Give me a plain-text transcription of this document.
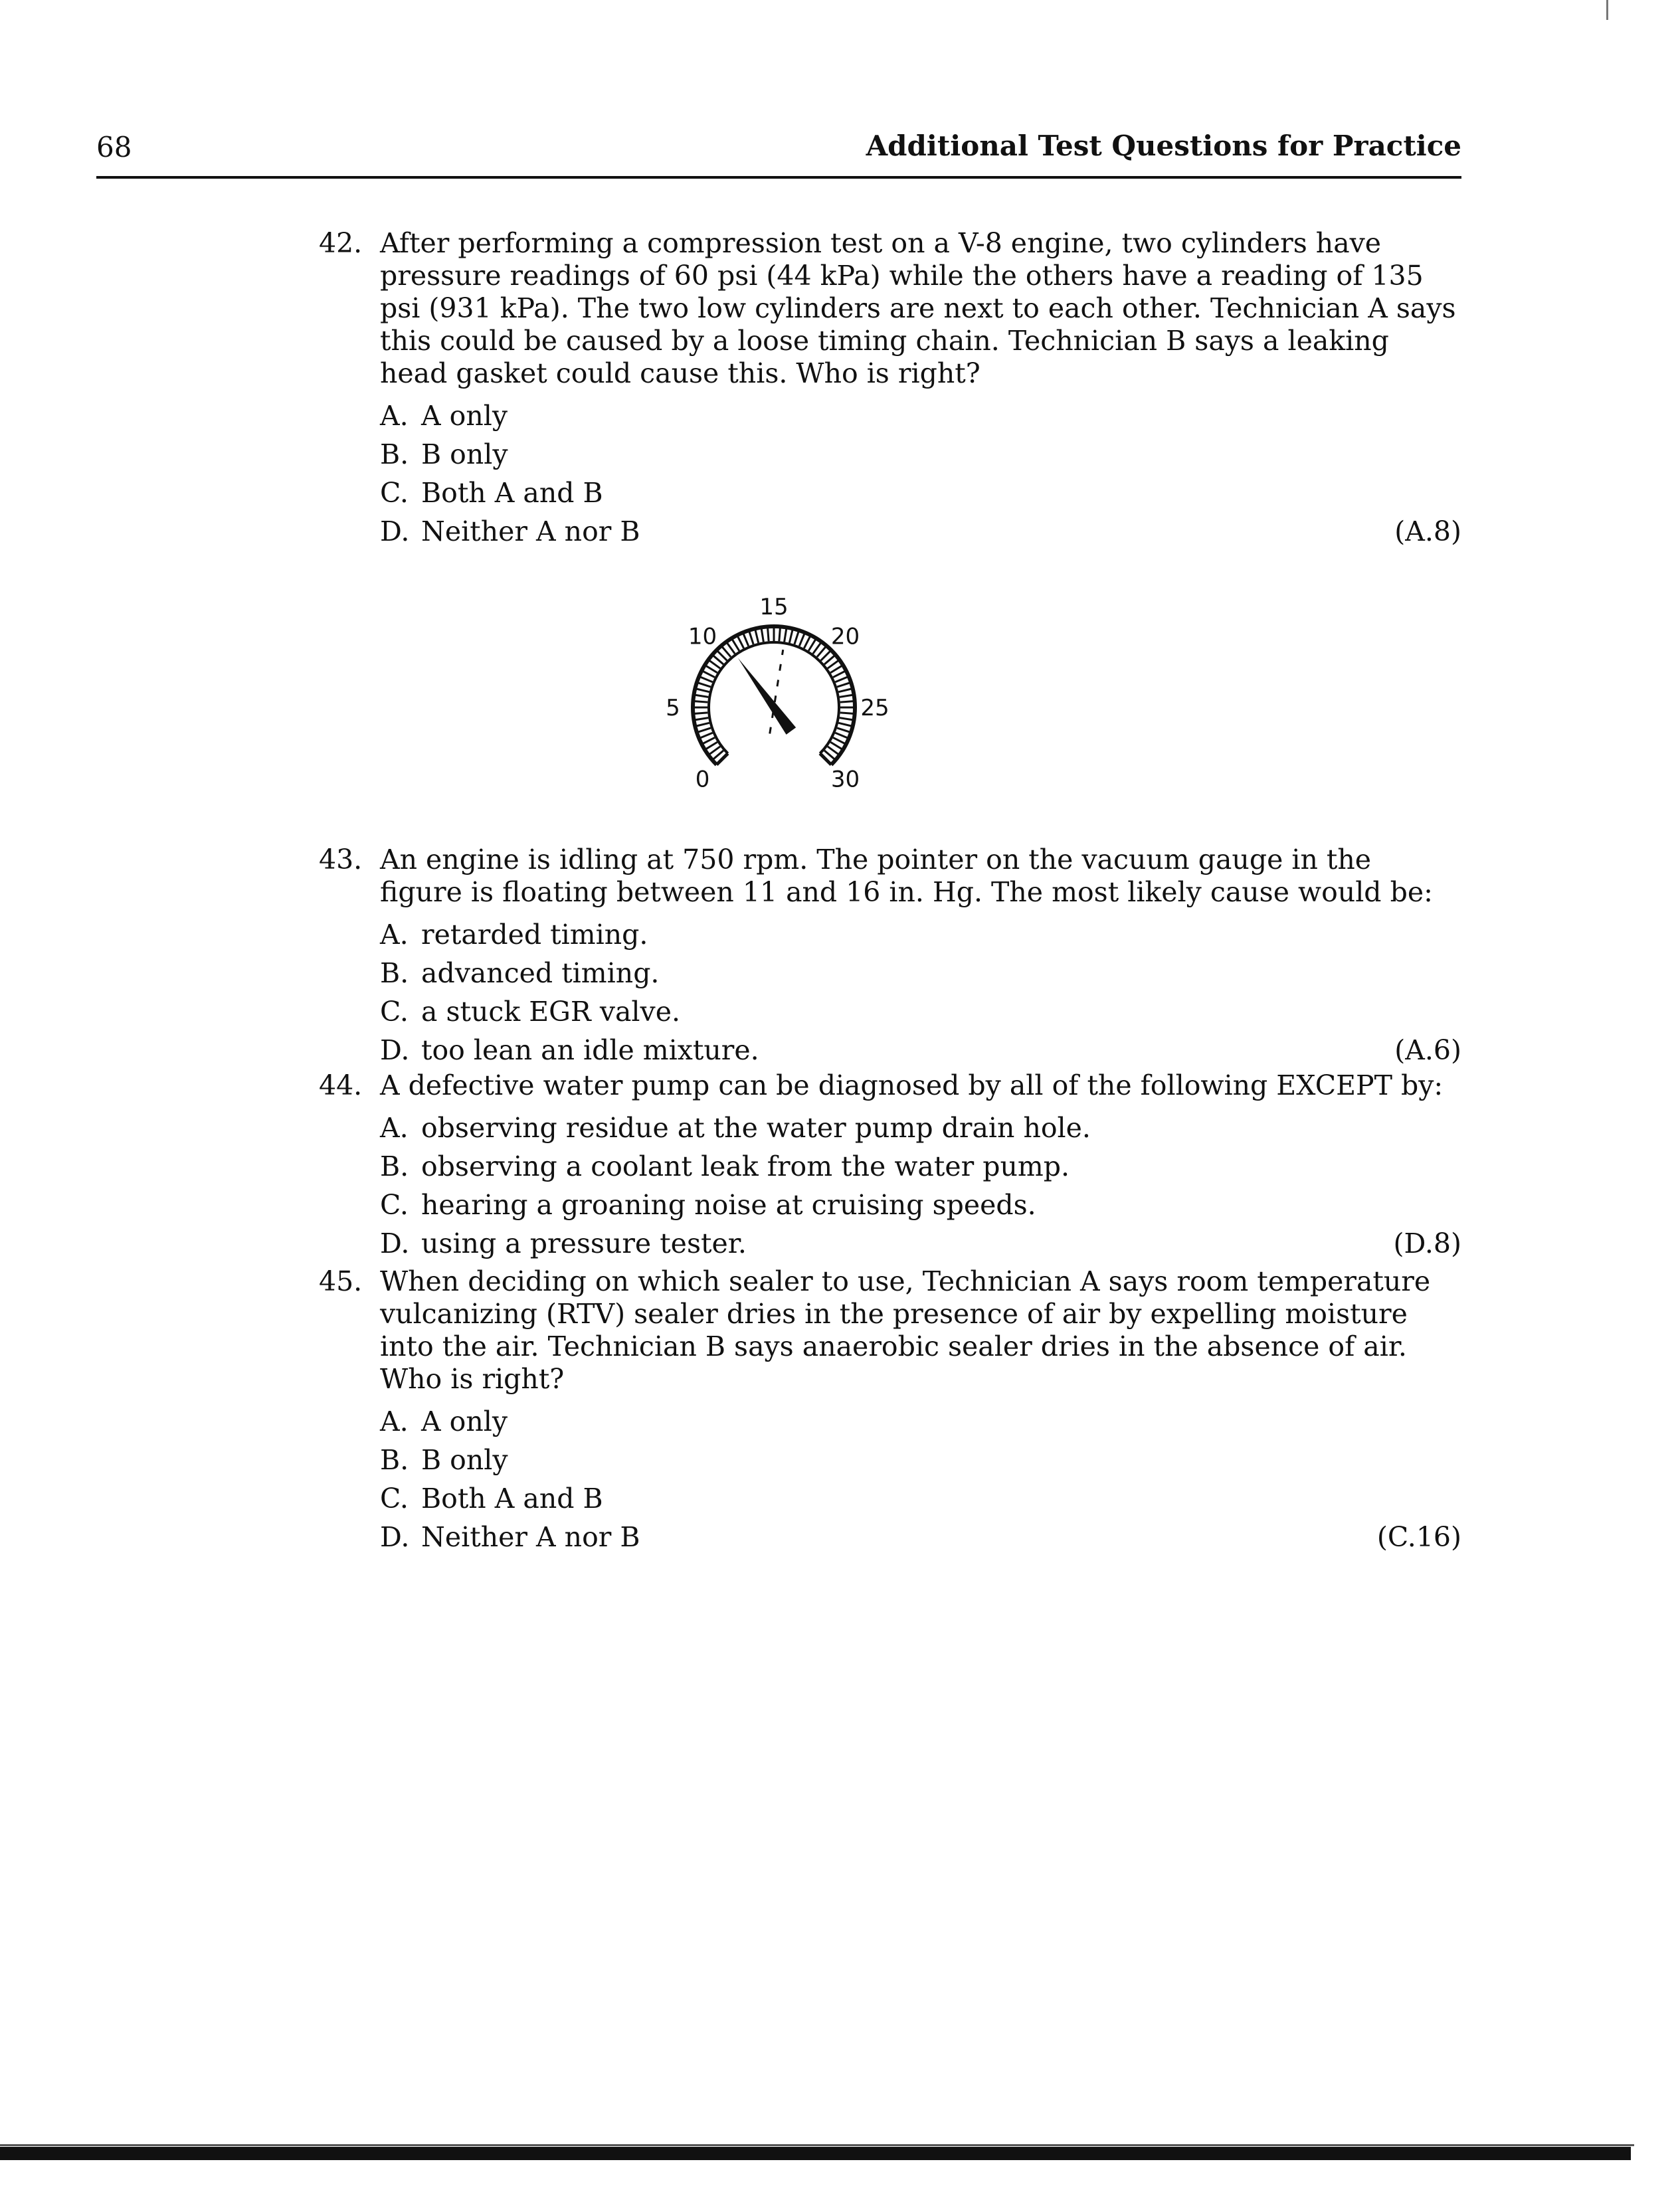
68	Additional Test Questions for Practice
42. After performing a compression test on a V-8 engine, two cylinders have pressure readings of 60 psi (44 kPa) while the others have a reading of 135 psi (931 kPa). The two low cylinders are next to each other. Technician A says this could be caused by a loose timing chain. Technician B says a leaking head gasket could cause this. Who is right?
A. A only
B. B only
C. Both A and B
D. Neither A nor B	(A.8)
0
5
10
15
20
25
30
43. An engine is idling at 750 rpm. The pointer on the vacuum gauge in the figure is floating between 11 and 16 in. Hg. The most likely cause would be:
A. retarded timing.
B. advanced timing.
C. a stuck EGR valve.
D. too lean an idle mixture.	(A.6)
44. A defective water pump can be diagnosed by all of the following EXCEPT by:
A. observing residue at the water pump drain hole.
B. observing a coolant leak from the water pump.
C. hearing a groaning noise at cruising speeds.
D. using a pressure tester.	(D.8)
45. When deciding on which sealer to use, Technician A says room temperature vulcanizing (RTV) sealer dries in the presence of air by expelling moisture into the air. Technician B says anaerobic sealer dries in the absence of air. Who is right?
A. A only
B. B only
C. Both A and B
D. Neither A nor B	(C.16)
